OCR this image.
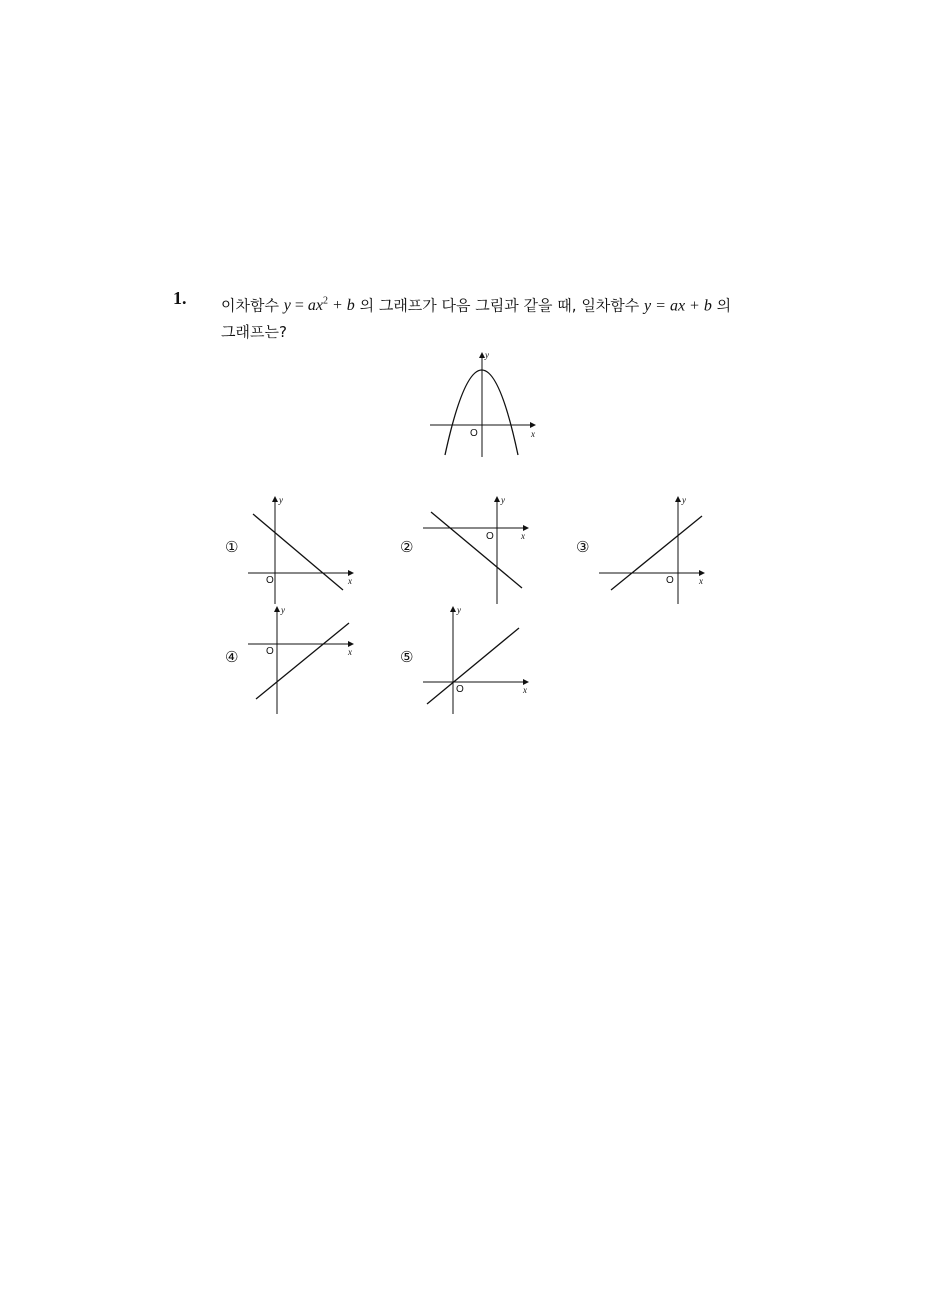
1. 이차함수 $y = ax^2 + b$ 의 그래프가 다음 그림과 같을 때, 일차함수 y = ax + b 의
그래프는?
O	x
y
①
O	x
y
②
O	x
y
③
O	x
y
④	O	x
y
⑤
O	x
y
